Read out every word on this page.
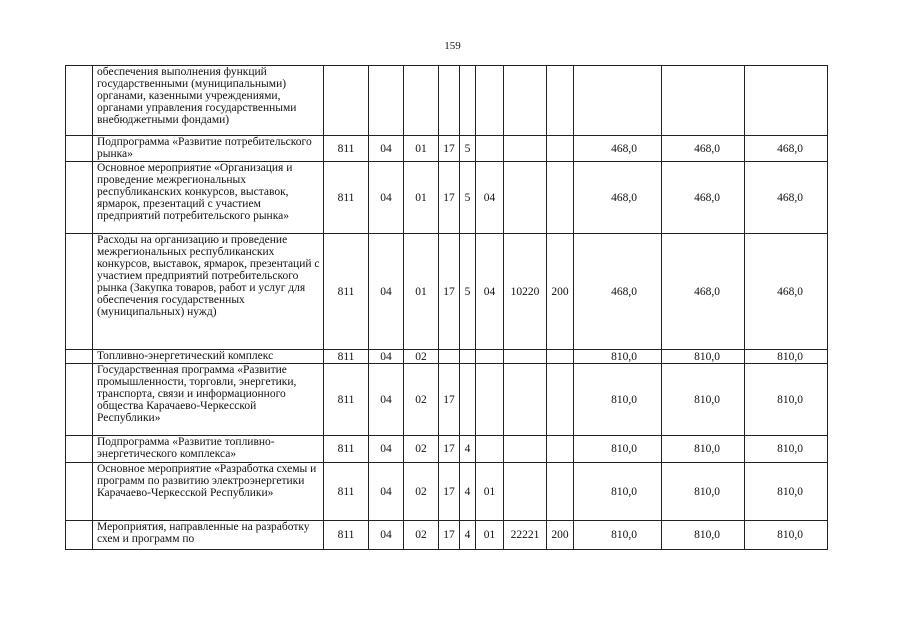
159
	обеспечения выполнения функций государственными (муниципальными) органами, казенными учреждениями, органами управления государственными внебюджетными фондами)											
	Подпрограмма «Развитие потребительского рынка»	811	04	01	17	5				468,0	468,0	468,0
	Основное мероприятие «Организация и проведение межрегиональных республиканских конкурсов, выставок, ярмарок, презентаций с участием предприятий потребительского рынка»	811	04	01	17	5	04			468,0	468,0	468,0
	Расходы на организацию и проведение межрегиональных республиканских конкурсов, выставок, ярмарок, презентаций с участием предприятий потребительского рынка (Закупка товаров, работ и услуг для обеспечения государственных (муниципальных) нужд)	811	04	01	17	5	04	10220	200	468,0	468,0	468,0
	Топливно-энергетический комплекс	811	04	02						810,0	810,0	810,0
	Государственная программа «Развитие промышленности, торговли, энергетики, транспорта, связи и информационного общества Карачаево-Черкесской Республики»	811	04	02	17					810,0	810,0	810,0
	Подпрограмма «Развитие топливно-энергетического комплекса»	811	04	02	17	4				810,0	810,0	810,0
	Основное мероприятие «Разработка схемы и программ по развитию электроэнергетики Карачаево-Черкесской Республики»	811	04	02	17	4	01			810,0	810,0	810,0
	Мероприятия, направленные на разработку схем и программ по	811	04	02	17	4	01	22221	200	810,0	810,0	810,0
